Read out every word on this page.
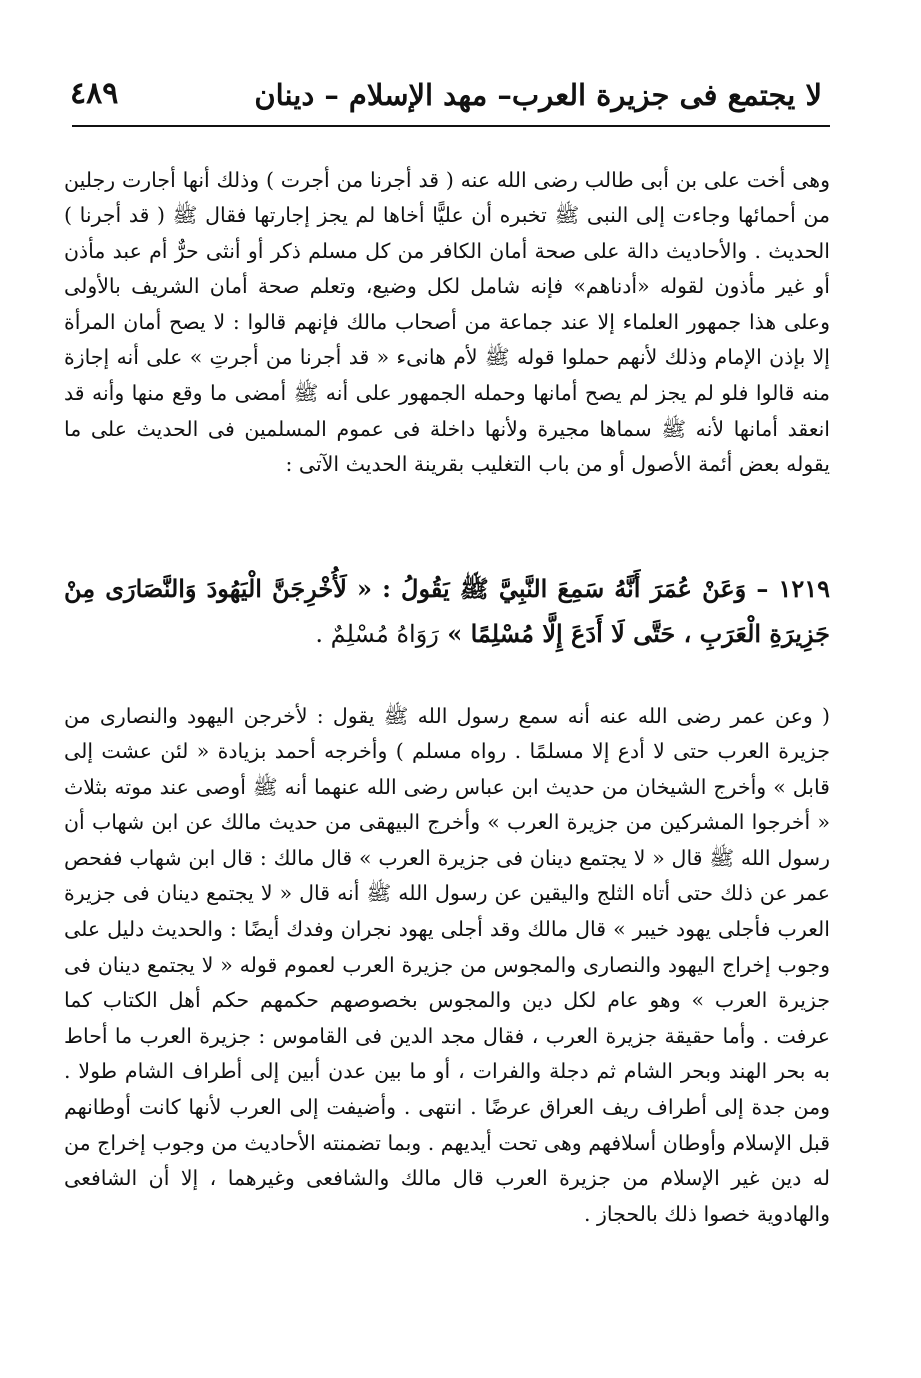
لا يجتمع فى جزيرة العرب– مهد الإسلام – دينان
٤٨٩

وهى أخت على بن أبى طالب رضى الله عنه ( قد أجرنا من أجرت ) وذلك أنها أجارت رجلين من أحمائها وجاءت إلى النبى ﷺ تخبره أن عليًّا أخاها لم يجز إجارتها فقال ﷺ ( قد أجرنا ) الحديث . والأحاديث دالة على صحة أمان الكافر من كل مسلم ذكر أو أنثى حرٌّ أم عبد مأذن أو غير مأذون لقوله «أدناهم» فإنه شامل لكل وضيع، وتعلم صحة أمان الشريف بالأولى وعلى هذا جمهور العلماء إلا عند جماعة من أصحاب مالك فإنهم قالوا : لا يصح أمان المرأة إلا بإذن الإمام وذلك لأنهم حملوا قوله ﷺ لأم هانىء « قد أجرنا من أجرتِ » على أنه إجازة منه قالوا فلو لم يجز لم يصح أمانها وحمله الجمهور على أنه ﷺ أمضى ما وقع منها وأنه قد انعقد أمانها لأنه ﷺ سماها مجيرة ولأنها داخلة فى عموم المسلمين فى الحديث على ما يقوله بعض أئمة الأصول أو من باب التغليب بقرينة الحديث الآتى :

١٢١٩ – وَعَنْ عُمَرَ أَنَّهُ سَمِعَ النَّبِيَّ ﷺ يَقُولُ : « لَأُخْرِجَنَّ الْيَهُودَ وَالنَّصَارَى مِنْ جَزِيرَةِ الْعَرَبِ ، حَتَّى لَا أَدَعَ إِلَّا مُسْلِمًا » رَوَاهُ مُسْلِمٌ .

( وعن عمر رضى الله عنه أنه سمع رسول الله ﷺ يقول : لأخرجن اليهود والنصارى من جزيرة العرب حتى لا أدع إلا مسلمًا . رواه مسلم ) وأخرجه أحمد بزيادة « لئن عشت إلى قابل » وأخرج الشيخان من حديث ابن عباس رضى الله عنهما أنه ﷺ أوصى عند موته بثلاث « أخرجوا المشركين من جزيرة العرب » وأخرج البيهقى من حديث مالك عن ابن شهاب أن رسول الله ﷺ قال « لا يجتمع دينان فى جزيرة العرب » قال مالك : قال ابن شهاب ففحص عمر عن ذلك حتى أتاه الثلج واليقين عن رسول الله ﷺ أنه قال « لا يجتمع دينان فى جزيرة العرب فأجلى يهود خيبر » قال مالك وقد أجلى يهود نجران وفدك أيضًا : والحديث دليل على وجوب إخراج اليهود والنصارى والمجوس من جزيرة العرب لعموم قوله « لا يجتمع دينان فى جزيرة العرب » وهو عام لكل دين والمجوس بخصوصهم حكمهم حكم أهل الكتاب كما عرفت . وأما حقيقة جزيرة العرب ، فقال مجد الدين فى القاموس : جزيرة العرب ما أحاط به بحر الهند وبحر الشام ثم دجلة والفرات ، أو ما بين عدن أبين إلى أطراف الشام طولا . ومن جدة إلى أطراف ريف العراق عرضًا . انتهى . وأضيفت إلى العرب لأنها كانت أوطانهم قبل الإسلام وأوطان أسلافهم وهى تحت أيديهم . وبما تضمنته الأحاديث من وجوب إخراج من له دين غير الإسلام من جزيرة العرب قال مالك والشافعى وغيرهما ، إلا أن الشافعى والهادوية خصوا ذلك بالحجاز .
